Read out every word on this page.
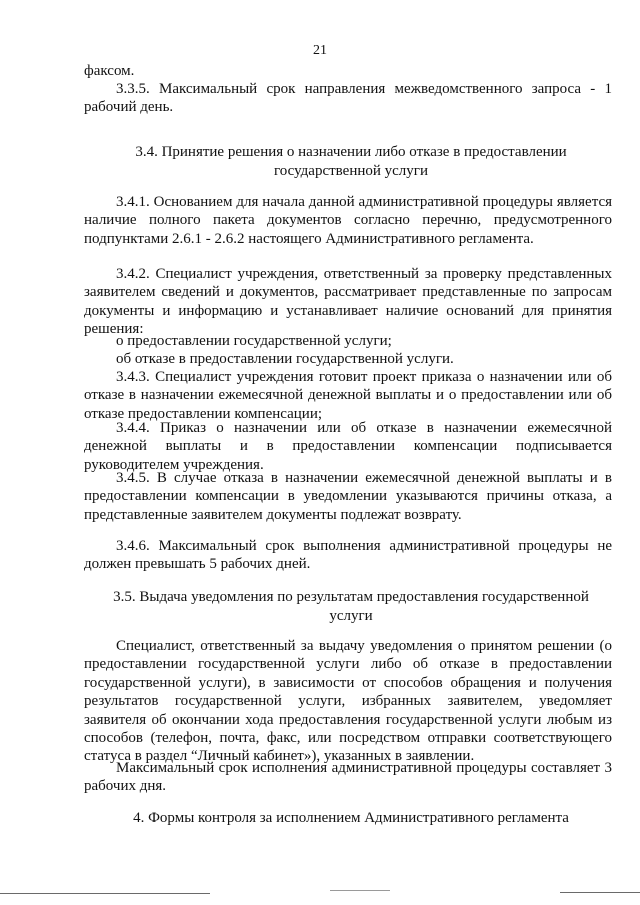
21

факсом.

3.3.5. Максимальный срок направления межведомственного запроса - 1 рабочий день.

3.4. Принятие решения о назначении либо отказе в предоставлении государственной услуги

3.4.1. Основанием для начала данной административной процедуры является наличие полного пакета документов согласно перечню, предусмотренного подпунктами 2.6.1 - 2.6.2 настоящего Административного регламента.

3.4.2. Специалист учреждения, ответственный за проверку представленных заявителем сведений и документов, рассматривает представленные по запросам документы и информацию и устанавливает наличие оснований для принятия решения:

о предоставлении государственной услуги;

об отказе в предоставлении государственной услуги.

3.4.3. Специалист учреждения готовит проект приказа о назначении или об отказе в назначении ежемесячной денежной выплаты и о предоставлении или об отказе предоставлении компенсации;

3.4.4. Приказ о назначении или об отказе в назначении ежемесячной денежной выплаты и в предоставлении компенсации подписывается руководителем учреждения.

3.4.5. В случае отказа в назначении ежемесячной денежной выплаты и в предоставлении компенсации в уведомлении указываются причины отказа, а представленные заявителем документы подлежат возврату.

3.4.6. Максимальный срок выполнения административной процедуры не должен превышать 5 рабочих дней.

3.5. Выдача уведомления по результатам предоставления государственной услуги

Специалист, ответственный за выдачу уведомления о принятом решении (о предоставлении государственной услуги либо об отказе в предоставлении государственной услуги), в зависимости от способов обращения и получения результатов государственной услуги, избранных заявителем, уведомляет заявителя об окончании хода предоставления государственной услуги любым из способов (телефон, почта, факс, или посредством отправки соответствующего статуса в раздел “Личный кабинет»), указанных в заявлении.

Максимальный срок исполнения административной процедуры составляет 3 рабочих дня.

4. Формы контроля за исполнением Административного регламента
